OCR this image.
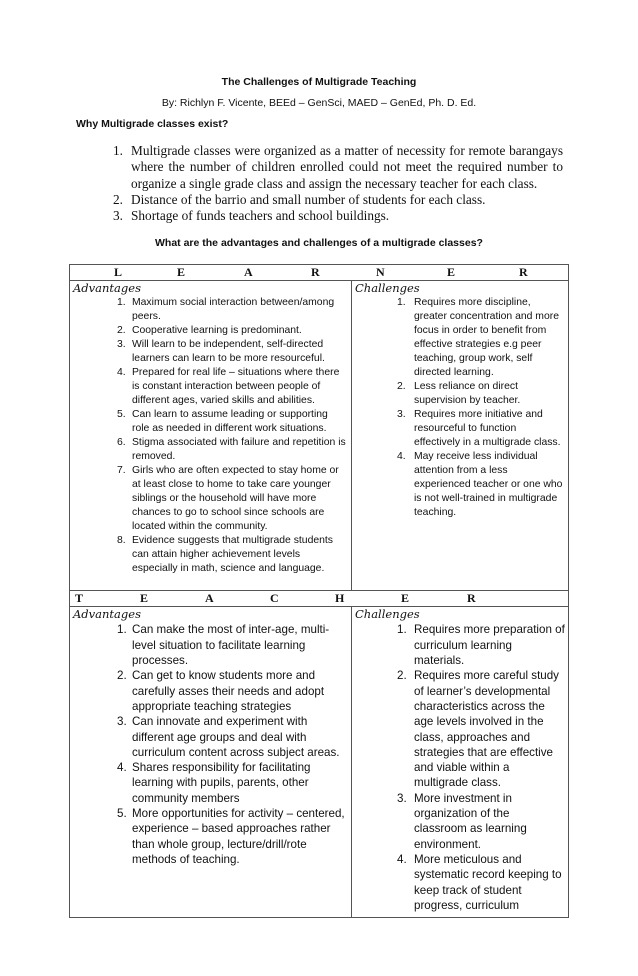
The Challenges of Multigrade Teaching
By: Richlyn F. Vicente, BEEd – GenSci, MAED – GenEd, Ph. D. Ed.
Why Multigrade classes exist?
1. Multigrade classes were organized as a matter of necessity for remote barangays where the number of children enrolled could not meet the required number to organize a single grade class and assign the necessary teacher for each class.
2. Distance of the barrio and small number of students for each class.
3. Shortage of funds teachers and school buildings.
What are the advantages and challenges of a multigrade classes?
L	E	A	R	N	E	R

Advantages
1. Maximum social interaction between/among peers.
2. Cooperative learning is predominant.
3. Will learn to be independent, self-directed learners can learn to be more resourceful.
4. Prepared for real life – situations where there is constant interaction between people of different ages, varied skills and abilities.
5. Can learn to assume leading or supporting role as needed in different work situations.
6. Stigma associated with failure and repetition is removed.
7. Girls who are often expected to stay home or at least close to home to take care younger siblings or the household will have more chances to go to school since schools are located within the community.
8. Evidence suggests that multigrade students can attain higher achievement levels especially in math, science and language.

Challenges
1. Requires more discipline, greater concentration and more focus in order to benefit from effective strategies e.g peer teaching, group work, self directed learning.
2. Less reliance on direct supervision by teacher.
3. Requires more initiative and resourceful to function effectively in a multigrade class.
4. May receive less individual attention from a less experienced teacher or one who is not well-trained in multigrade teaching.
T	E	A	C	H	E	R

Advantages
1. Can make the most of inter-age, multi-level situation to facilitate learning processes.
2. Can get to know students more and carefully asses their needs and adopt appropriate teaching strategies
3. Can innovate and experiment with different age groups and deal with curriculum content across subject areas.
4. Shares responsibility for facilitating learning with pupils, parents, other community members
5. More opportunities for activity – centered, experience – based approaches rather than whole group, lecture/drill/rote methods of teaching.

Challenges
1. Requires more preparation of curriculum learning materials.
2. Requires more careful study of learner’s developmental characteristics across the age levels involved in the class, approaches and strategies that are effective and viable within a multigrade class.
3. More investment in organization of the classroom as learning environment.
4. More meticulous and systematic record keeping to keep track of student progress, curriculum
